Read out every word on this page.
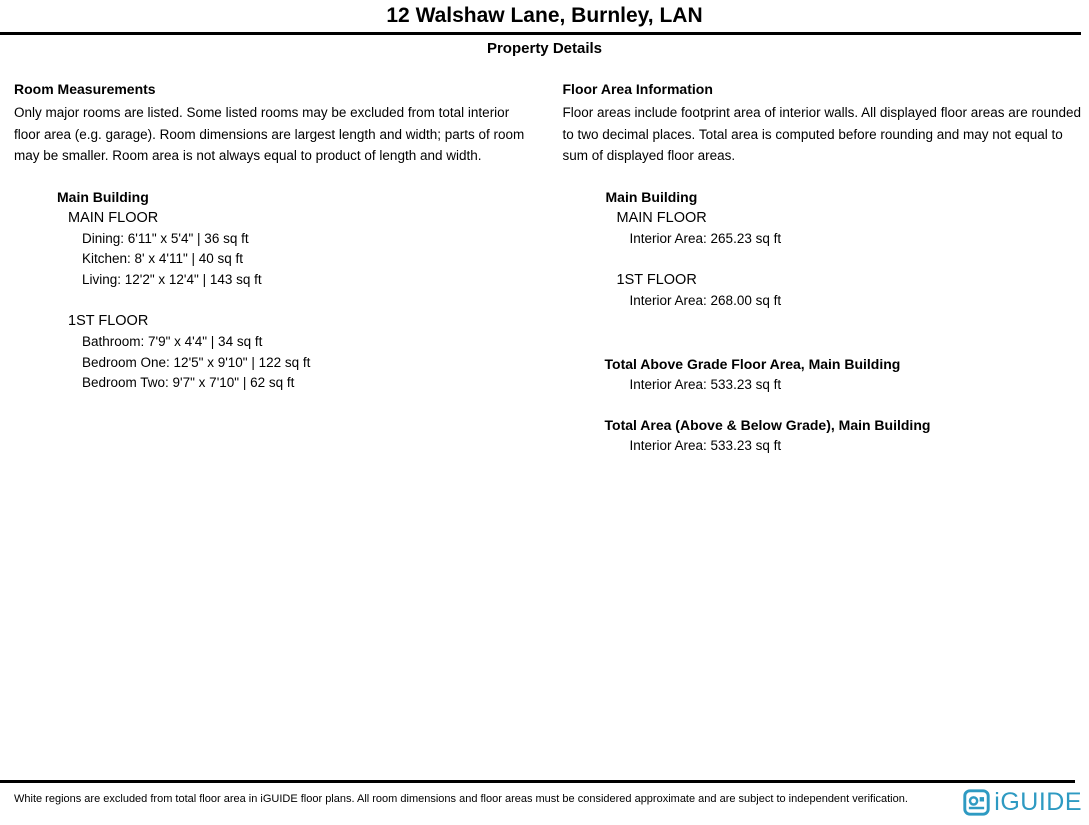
12 Walshaw Lane, Burnley, LAN
Property Details
Room Measurements

Only major rooms are listed. Some listed rooms may be excluded from total interior floor area (e.g. garage). Room dimensions are largest length and width; parts of room may be smaller. Room area is not always equal to product of length and width.

Main Building
MAIN FLOOR
Dining: 6'11" x 5'4" | 36 sq ft
Kitchen: 8' x 4'11" | 40 sq ft
Living: 12'2" x 12'4" | 143 sq ft
1ST FLOOR
Bathroom: 7'9" x 4'4" | 34 sq ft
Bedroom One: 12'5" x 9'10" | 122 sq ft
Bedroom Two: 9'7" x 7'10" | 62 sq ft
Floor Area Information

Floor areas include footprint area of interior walls. All displayed floor areas are rounded to two decimal places. Total area is computed before rounding and may not equal to sum of displayed floor areas.

Main Building
MAIN FLOOR
Interior Area: 265.23 sq ft
1ST FLOOR
Interior Area: 268.00 sq ft
Total Above Grade Floor Area, Main Building
Interior Area: 533.23 sq ft
Total Area (Above & Below Grade), Main Building
Interior Area: 533.23 sq ft
White regions are excluded from total floor area in iGUIDE floor plans. All room dimensions and floor areas must be considered approximate and are subject to independent verification.	iGUIDE
